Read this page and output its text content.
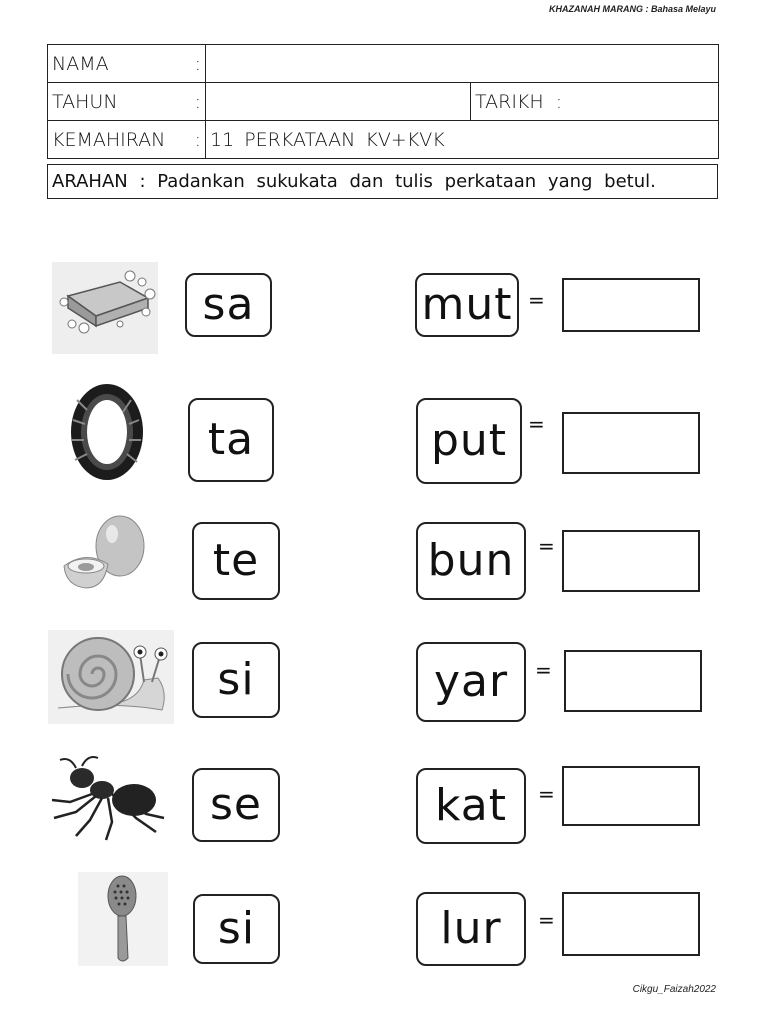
KHAZANAH MARANG : Bahasa Melayu
NAMA :		

TAHUN :		TARIKH :

KEMAHIRAN :	11 PERKATAAN KV+KVK	
ARAHAN : Padankan sukukata dan tulis perkataan yang betul.
sa	mut =
ta	put	=
te	bun	=
si	yar	=
se	kat	=
si	lur	=
Cikgu_Faizah2022
